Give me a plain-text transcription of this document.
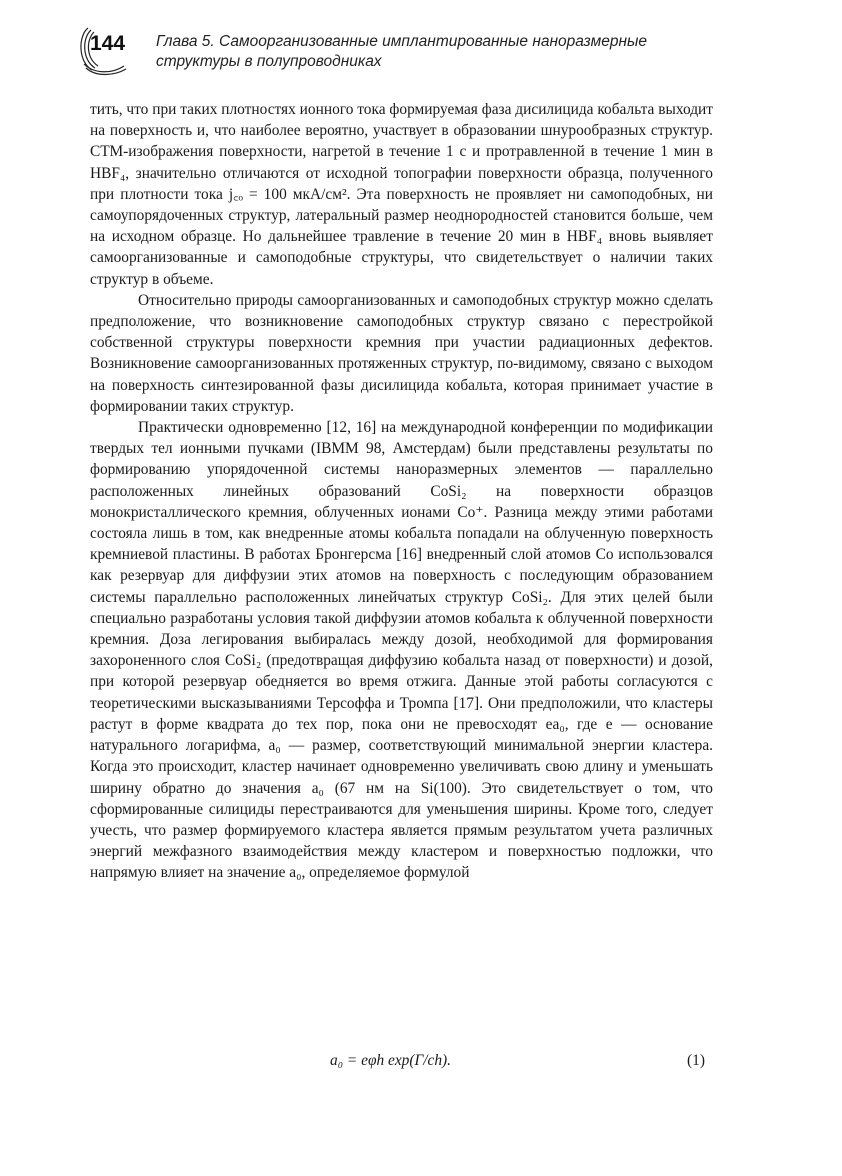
144 Глава 5. Самоорганизованные имплантированные наноразмерные
структуры в полупроводниках

тить, что при таких плотностях ионного тока формируемая фаза дисилицида кобальта выходит на поверхность и, что наиболее вероятно, участвует в образовании шнурообразных структур. СТМ-изображения поверхности, нагретой в течение 1 с и протравленной в течение 1 мин в HBF₄, значительно отличаются от исходной топографии поверхности образца, полученного при плотности тока j꜀ₒ = 100 мкА/см². Эта поверхность не проявляет ни самоподобных, ни самоупорядоченных структур, латеральный размер неоднородностей становится больше, чем на исходном образце. Но дальнейшее травление в течение 20 мин в HBF₄ вновь выявляет самоорганизованные и самоподобные структуры, что свидетельствует о наличии таких структур в объеме.

Относительно природы самоорганизованных и самоподобных структур можно сделать предположение, что возникновение самоподобных структур связано с перестройкой собственной структуры поверхности кремния при участии радиационных дефектов. Возникновение самоорганизованных протяженных структур, по-видимому, связано с выходом на поверхность синтезированной фазы дисилицида кобальта, которая принимает участие в формировании таких структур.

Практически одновременно [12, 16] на международной конференции по модификации твердых тел ионными пучками (IBMM 98, Амстердам) были представлены результаты по формированию упорядоченной системы наноразмерных элементов — параллельно расположенных линейных образований CoSi₂ на поверхности образцов монокристаллического кремния, облученных ионами Co⁺. Разница между этими работами состояла лишь в том, как внедренные атомы кобальта попадали на облученную поверхность кремниевой пластины. В работах Бронгерсма [16] внедренный слой атомов Co использовался как резервуар для диффузии этих атомов на поверхность с последующим образованием системы параллельно расположенных линейчатых структур CoSi₂. Для этих целей были специально разработаны условия такой диффузии атомов кобальта к облученной поверхности кремния. Доза легирования выбиралась между дозой, необходимой для формирования захороненного слоя CoSi₂ (предотвращая диффузию кобальта назад от поверхности) и дозой, при которой резервуар обедняется во время отжига. Данные этой работы согласуются с теоретическими высказываниями Терсоффа и Тромпа [17]. Они предположили, что кластеры растут в форме квадрата до тех пор, пока они не превосходят ea₀, где e — основание натурального логарифма, a₀ — размер, соответствующий минимальной энергии кластера. Когда это происходит, кластер начинает одновременно увеличивать свою длину и уменьшать ширину обратно до значения a₀ (67 нм на Si(100). Это свидетельствует о том, что сформированные силициды перестраиваются для уменьшения ширины. Кроме того, следует учесть, что размер формируемого кластера является прямым результатом учета различных энергий межфазного взаимодействия между кластером и поверхностью подложки, что напрямую влияет на значение a₀, определяемое формулой

a₀ = eφh exp(Γ/ch).	(1)
